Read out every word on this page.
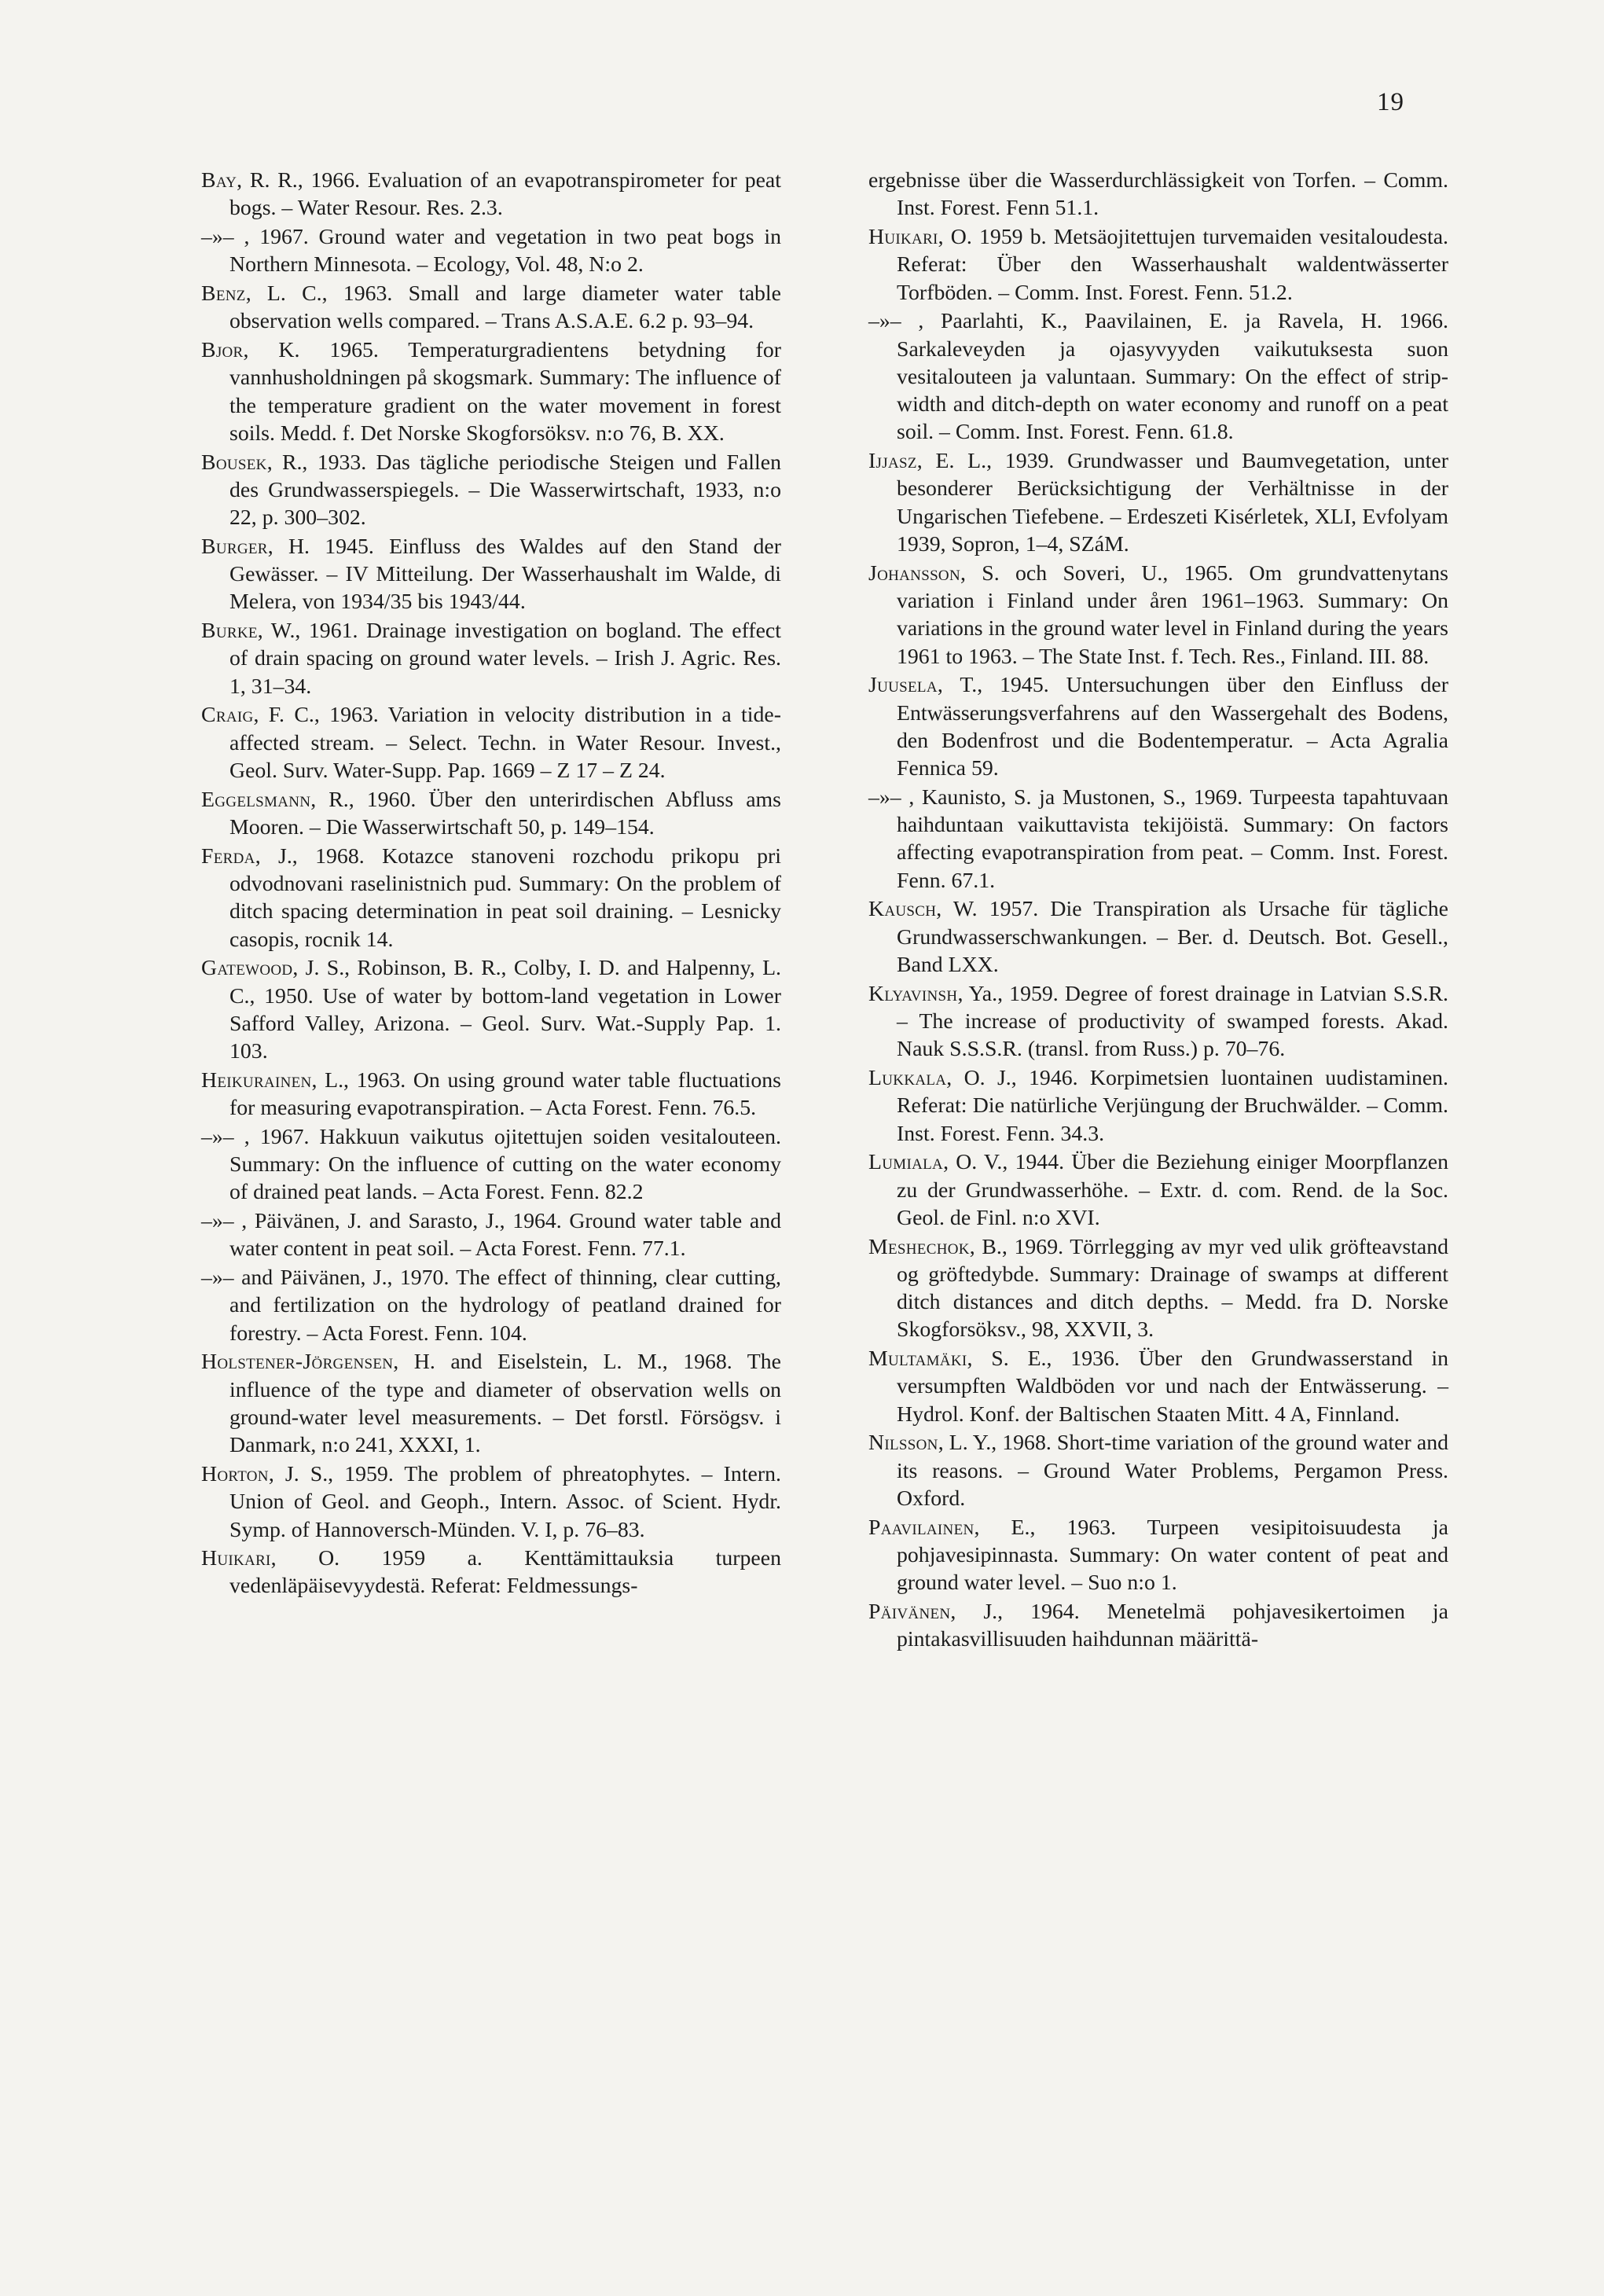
19

Bay, R. R., 1966. Evaluation of an evapotranspirometer for peat bogs. – Water Resour. Res. 2.3.

–»– , 1967. Ground water and vegetation in two peat bogs in Northern Minnesota. – Ecology, Vol. 48, N:o 2.

Benz, L. C., 1963. Small and large diameter water table observation wells compared. – Trans A.S.A.E. 6.2 p. 93–94.

Bjor, K. 1965. Temperaturgradientens betydning for vannhusholdningen på skogsmark. Summary: The influence of the temperature gradient on the water movement in forest soils. Medd. f. Det Norske Skogforsöksv. n:o 76, B. XX.

Bousek, R., 1933. Das tägliche periodische Steigen und Fallen des Grundwasserspiegels. – Die Wasserwirtschaft, 1933, n:o 22, p. 300–302.

Burger, H. 1945. Einfluss des Waldes auf den Stand der Gewässer. – IV Mitteilung. Der Wasserhaushalt im Walde, di Melera, von 1934/35 bis 1943/44.

Burke, W., 1961. Drainage investigation on bogland. The effect of drain spacing on ground water levels. – Irish J. Agric. Res. 1, 31–34.

Craig, F. C., 1963. Variation in velocity distribution in a tide-affected stream. – Select. Techn. in Water Resour. Invest., Geol. Surv. Water-Supp. Pap. 1669 – Z 17 – Z 24.

Eggelsmann, R., 1960. Über den unterirdischen Abfluss ams Mooren. – Die Wasserwirtschaft 50, p. 149–154.

Ferda, J., 1968. Kotazce stanoveni rozchodu prikopu pri odvodnovani raselinistnich pud. Summary: On the problem of ditch spacing determination in peat soil draining. – Lesnicky casopis, rocnik 14.

Gatewood, J. S., Robinson, B. R., Colby, I. D. and Halpenny, L. C., 1950. Use of water by bottom-land vegetation in Lower Safford Valley, Arizona. – Geol. Surv. Wat.-Supply Pap. 1. 103.

Heikurainen, L., 1963. On using ground water table fluctuations for measuring evapotranspiration. – Acta Forest. Fenn. 76.5.

–»– , 1967. Hakkuun vaikutus ojitettujen soiden vesitalouteen. Summary: On the influence of cutting on the water economy of drained peat lands. – Acta Forest. Fenn. 82.2

–»– , Päivänen, J. and Sarasto, J., 1964. Ground water table and water content in peat soil. – Acta Forest. Fenn. 77.1.

–»– and Päivänen, J., 1970. The effect of thinning, clear cutting, and fertilization on the hydrology of peatland drained for forestry. – Acta Forest. Fenn. 104.

Holstener-Jörgensen, H. and Eiselstein, L. M., 1968. The influence of the type and diameter of observation wells on ground-water level measurements. – Det forstl. Försögsv. i Danmark, n:o 241, XXXI, 1.

Horton, J. S., 1959. The problem of phreatophytes. – Intern. Union of Geol. and Geoph., Intern. Assoc. of Scient. Hydr. Symp. of Hannoversch-Münden. V. I, p. 76–83.

Huikari, O. 1959 a. Kenttämittauksia turpeen vedenläpäisevyydestä. Referat: Feldmessungs-

ergebnisse über die Wasserdurchlässigkeit von Torfen. – Comm. Inst. Forest. Fenn 51.1.

Huikari, O. 1959 b. Metsäojitettujen turvemaiden vesitaloudesta. Referat: Über den Wasserhaushalt waldentwässerter Torfböden. – Comm. Inst. Forest. Fenn. 51.2.

–»– , Paarlahti, K., Paavilainen, E. ja Ravela, H. 1966. Sarkaleveyden ja ojasyvyyden vaikutuksesta suon vesitalouteen ja valuntaan. Summary: On the effect of strip-width and ditch-depth on water economy and runoff on a peat soil. – Comm. Inst. Forest. Fenn. 61.8.

Ijjasz, E. L., 1939. Grundwasser und Baumvegetation, unter besonderer Berücksichtigung der Verhältnisse in der Ungarischen Tiefebene. – Erdeszeti Kisérletek, XLI, Evfolyam 1939, Sopron, 1–4, SZáM.

Johansson, S. och Soveri, U., 1965. Om grundvattenytans variation i Finland under åren 1961–1963. Summary: On variations in the ground water level in Finland during the years 1961 to 1963. – The State Inst. f. Tech. Res., Finland. III. 88.

Juusela, T., 1945. Untersuchungen über den Einfluss der Entwässerungsverfahrens auf den Wassergehalt des Bodens, den Bodenfrost und die Bodentemperatur. – Acta Agralia Fennica 59.

–»– , Kaunisto, S. ja Mustonen, S., 1969. Turpeesta tapahtuvaan haihduntaan vaikuttavista tekijöistä. Summary: On factors affecting evapotranspiration from peat. – Comm. Inst. Forest. Fenn. 67.1.

Kausch, W. 1957. Die Transpiration als Ursache für tägliche Grundwasserschwankungen. – Ber. d. Deutsch. Bot. Gesell., Band LXX.

Klyavinsh, Ya., 1959. Degree of forest drainage in Latvian S.S.R. – The increase of productivity of swamped forests. Akad. Nauk S.S.S.R. (transl. from Russ.) p. 70–76.

Lukkala, O. J., 1946. Korpimetsien luontainen uudistaminen. Referat: Die natürliche Verjüngung der Bruchwälder. – Comm. Inst. Forest. Fenn. 34.3.

Lumiala, O. V., 1944. Über die Beziehung einiger Moorpflanzen zu der Grundwasserhöhe. – Extr. d. com. Rend. de la Soc. Geol. de Finl. n:o XVI.

Meshechok, B., 1969. Törrlegging av myr ved ulik gröfteavstand og gröftedybde. Summary: Drainage of swamps at different ditch distances and ditch depths. – Medd. fra D. Norske Skogforsöksv., 98, XXVII, 3.

Multamäki, S. E., 1936. Über den Grundwasserstand in versumpften Waldböden vor und nach der Entwässerung. – Hydrol. Konf. der Baltischen Staaten Mitt. 4 A, Finnland.

Nilsson, L. Y., 1968. Short-time variation of the ground water and its reasons. – Ground Water Problems, Pergamon Press. Oxford.

Paavilainen, E., 1963. Turpeen vesipitoisuudesta ja pohjavesipinnasta. Summary: On water content of peat and ground water level. – Suo n:o 1.

Päivänen, J., 1964. Menetelmä pohjavesikertoimen ja pintakasvillisuuden haihdunnan määrittä-
